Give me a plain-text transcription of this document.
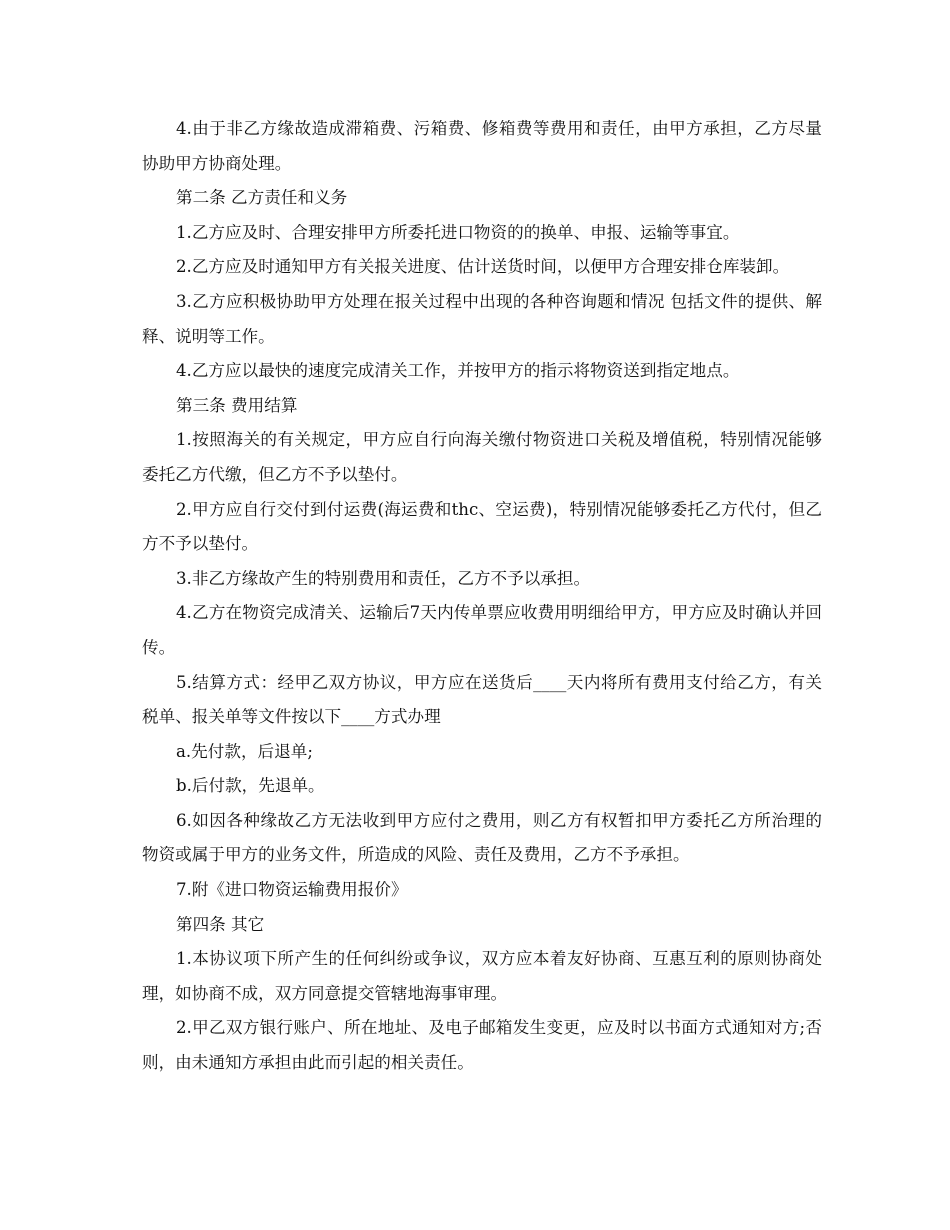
4.由于非乙方缘故造成滞箱费、污箱费、修箱费等费用和责任，由甲方承担，乙方尽量协助甲方协商处理。

第二条 乙方责任和义务

1.乙方应及时、合理安排甲方所委托进口物资的的换单、申报、运输等事宜。

2.乙方应及时通知甲方有关报关进度、估计送货时间，以便甲方合理安排仓库装卸。

3.乙方应积极协助甲方处理在报关过程中出现的各种咨询题和情况 包括文件的提供、解释、说明等工作。

4.乙方应以最快的速度完成清关工作，并按甲方的指示将物资送到指定地点。

第三条 费用结算

1.按照海关的有关规定，甲方应自行向海关缴付物资进口关税及增值税，特别情况能够委托乙方代缴，但乙方不予以垫付。

2.甲方应自行交付到付运费(海运费和thc、空运费)，特别情况能够委托乙方代付，但乙方不予以垫付。

3.非乙方缘故产生的特别费用和责任，乙方不予以承担。

4.乙方在物资完成清关、运输后7天内传单票应收费用明细给甲方，甲方应及时确认并回传。

5.结算方式：经甲乙双方协议，甲方应在送货后____天内将所有费用支付给乙方，有关税单、报关单等文件按以下____方式办理

a.先付款，后退单;

b.后付款，先退单。

6.如因各种缘故乙方无法收到甲方应付之费用，则乙方有权暂扣甲方委托乙方所治理的物资或属于甲方的业务文件，所造成的风险、责任及费用，乙方不予承担。

7.附《进口物资运输费用报价》

第四条 其它

1.本协议项下所产生的任何纠纷或争议，双方应本着友好协商、互惠互利的原则协商处理，如协商不成，双方同意提交管辖地海事审理。

2.甲乙双方银行账户、所在地址、及电子邮箱发生变更，应及时以书面方式通知对方;否则，由未通知方承担由此而引起的相关责任。
